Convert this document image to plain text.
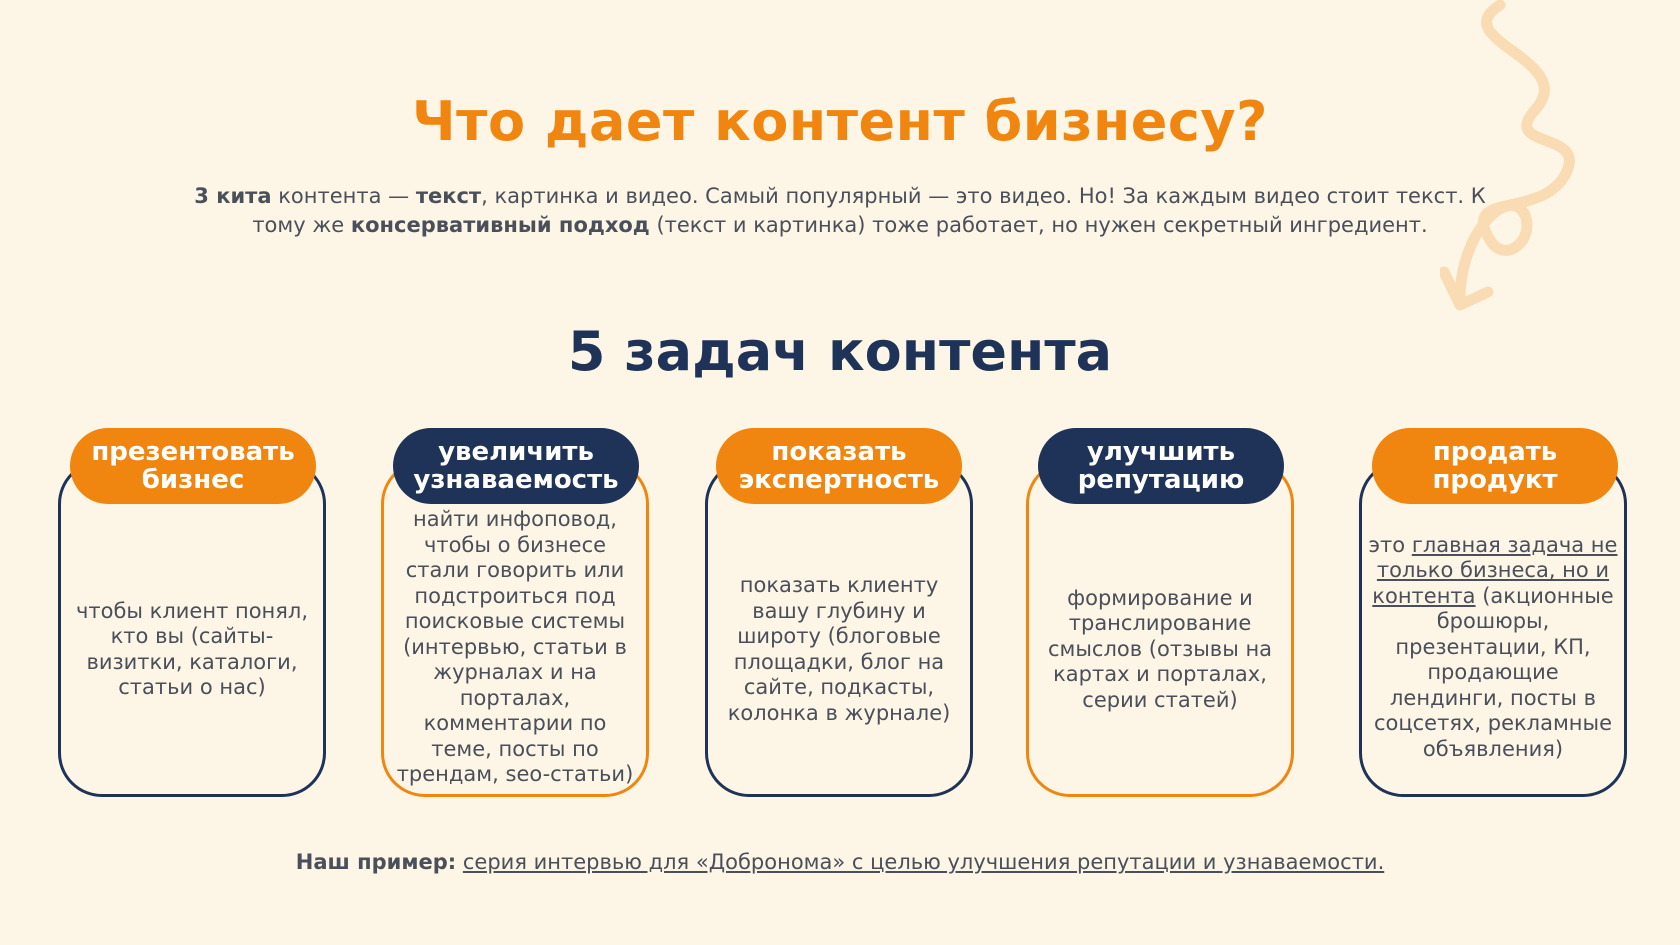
Что дает контент бизнесу?
3 кита контента — текст, картинка и видео. Самый популярный — это видео. Но! За каждым видео стоит текст. К тому же консервативный подход (текст и картинка) тоже работает, но нужен секретный ингредиент.
5 задач контента
чтобы клиент понял, кто вы (сайты-визитки, каталоги, статьи о нас)
презентовать бизнес
найти инфоповод, чтобы о бизнесе стали говорить или подстроиться под поисковые системы (интервью, статьи в журналах и на порталах, комментарии по теме, посты по трендам, seo-статьи)
увеличить узнаваемость
показать клиенту вашу глубину и широту (блоговые площадки, блог на сайте, подкасты, колонка в журнале)
показать экспертность
формирование и транслирование смыслов (отзывы на картах и порталах, серии статей)
улучшить репутацию
это главная задача не только бизнеса, но и контента (акционные брошюры, презентации, КП, продающие лендинги, посты в соцсетях, рекламные объявления)
продать продукт
Наш пример: серия интервью для «Добронома» с целью улучшения репутации и узнаваемости.
